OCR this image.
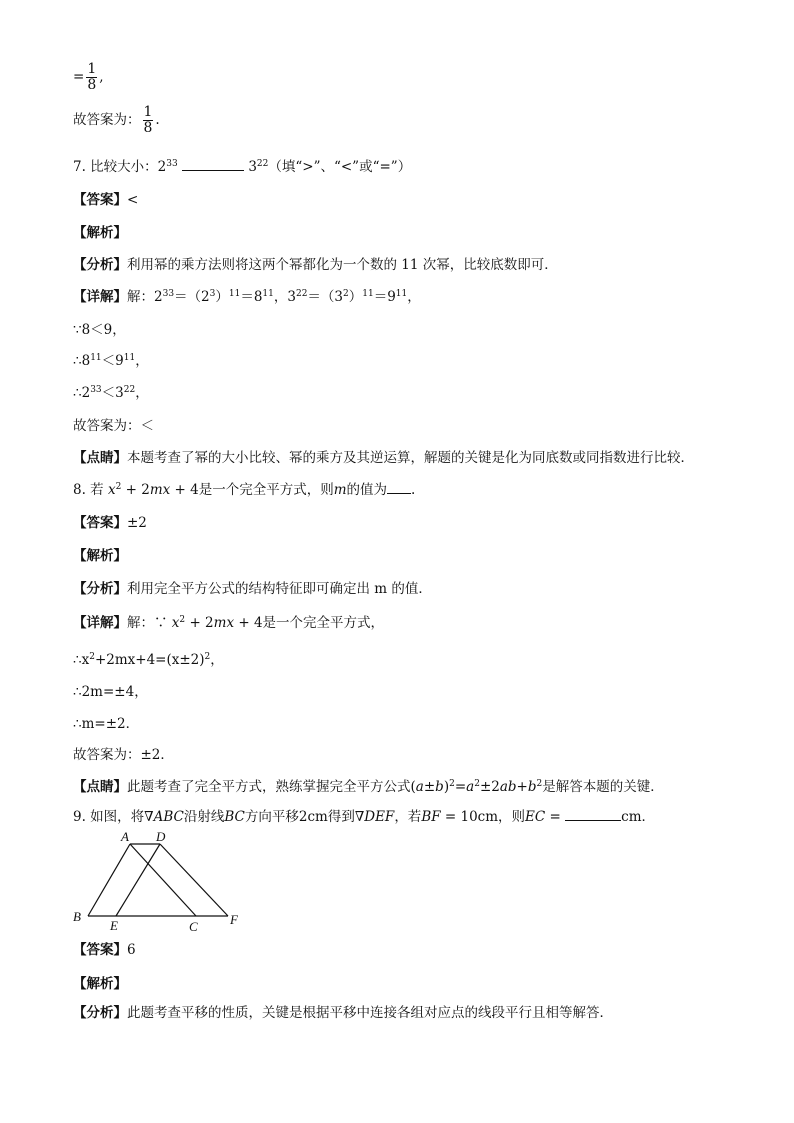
= $\frac{1}{8}$ ,
故答案为： $\frac{1}{8}$ .
7. 比较大小：$2^{33}$	$3^{22}$（填“>”、“<”或“=”）
【答案】<
【解析】
【分析】利用幂的乘方法则将这两个幂都化为一个数的 11 次幂，比较底数即可．
【详解】解：$2^{33}=(2^3)^{11}=8^{11}$，$3^{22}=(3^2)^{11}=9^{11}$，
∵8＜9，
$\therefore 8^{11}<9^{11}$，
$\therefore 2^{33}<3^{22}$，
故答案为：＜
【点睛】本题考查了幂的大小比较、幂的乘方及其逆运算，解题的关键是化为同底数或同指数进行比较．
8. 若 $x^2 + 2mx + 4$是一个完全平方式，则m的值为 .
【答案】±2
【解析】
【分析】利用完全平方公式的结构特征即可确定出 m 的值．
【详解】解：∵ $x^2 + 2mx + 4$是一个完全平方式，
$\therefore x^2+2mx+4=(x\pm 2)^2$，
∴2m=±4，
∴m=±2．
故答案为：±2．
【点睛】此题考查了完全平方式，熟练掌握完全平方公式$(a\pm b)^2=a^2\pm 2ab+b^2$是解答本题的关键．
9. 如图，将∇ABC沿射线BC方向平移2cm得到∇DEF，若BF = 10cm，则EC =	cm．
A D
B
E	C F
【答案】6
【解析】
【分析】此题考查平移的性质，关键是根据平移中连接各组对应点的线段平行且相等解答．
